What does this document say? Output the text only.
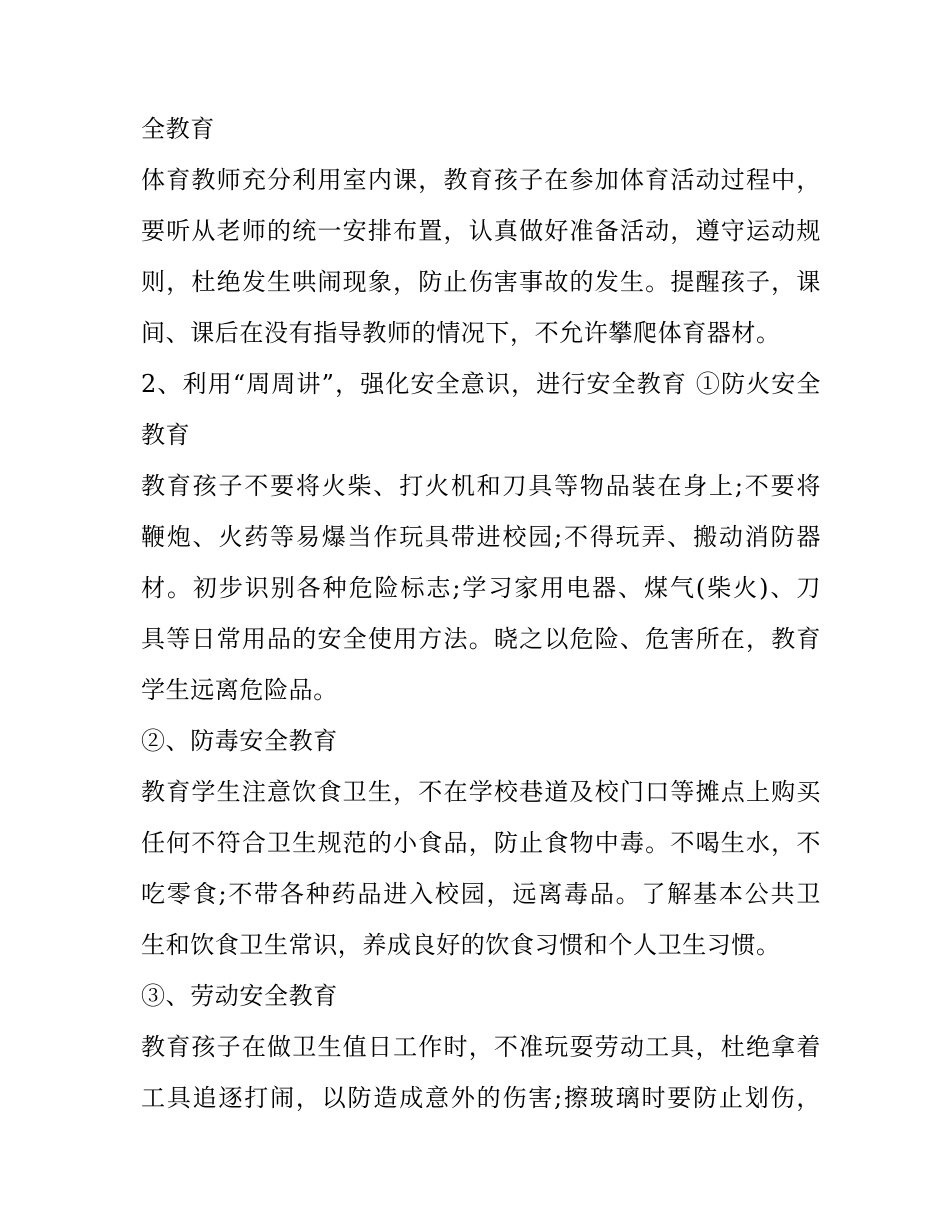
全教育
体育教师充分利用室内课，教育孩子在参加体育活动过程中，
要听从老师的统一安排布置，认真做好准备活动，遵守运动规
则，杜绝发生哄闹现象，防止伤害事故的发生。提醒孩子，课
间、课后在没有指导教师的情况下，不允许攀爬体育器材。
2、利用“周周讲”，强化安全意识，进行安全教育 ①防火安全
教育
教育孩子不要将火柴、打火机和刀具等物品装在身上;不要将
鞭炮、火药等易爆当作玩具带进校园;不得玩弄、搬动消防器
材。初步识别各种危险标志;学习家用电器、煤气(柴火)、刀
具等日常用品的安全使用方法。晓之以危险、危害所在，教育
学生远离危险品。
②、防毒安全教育
教育学生注意饮食卫生，不在学校巷道及校门口等摊点上购买
任何不符合卫生规范的小食品，防止食物中毒。不喝生水，不
吃零食;不带各种药品进入校园，远离毒品。了解基本公共卫
生和饮食卫生常识，养成良好的饮食习惯和个人卫生习惯。
③、劳动安全教育
教育孩子在做卫生值日工作时，不准玩耍劳动工具，杜绝拿着
工具追逐打闹，以防造成意外的伤害;擦玻璃时要防止划伤，
